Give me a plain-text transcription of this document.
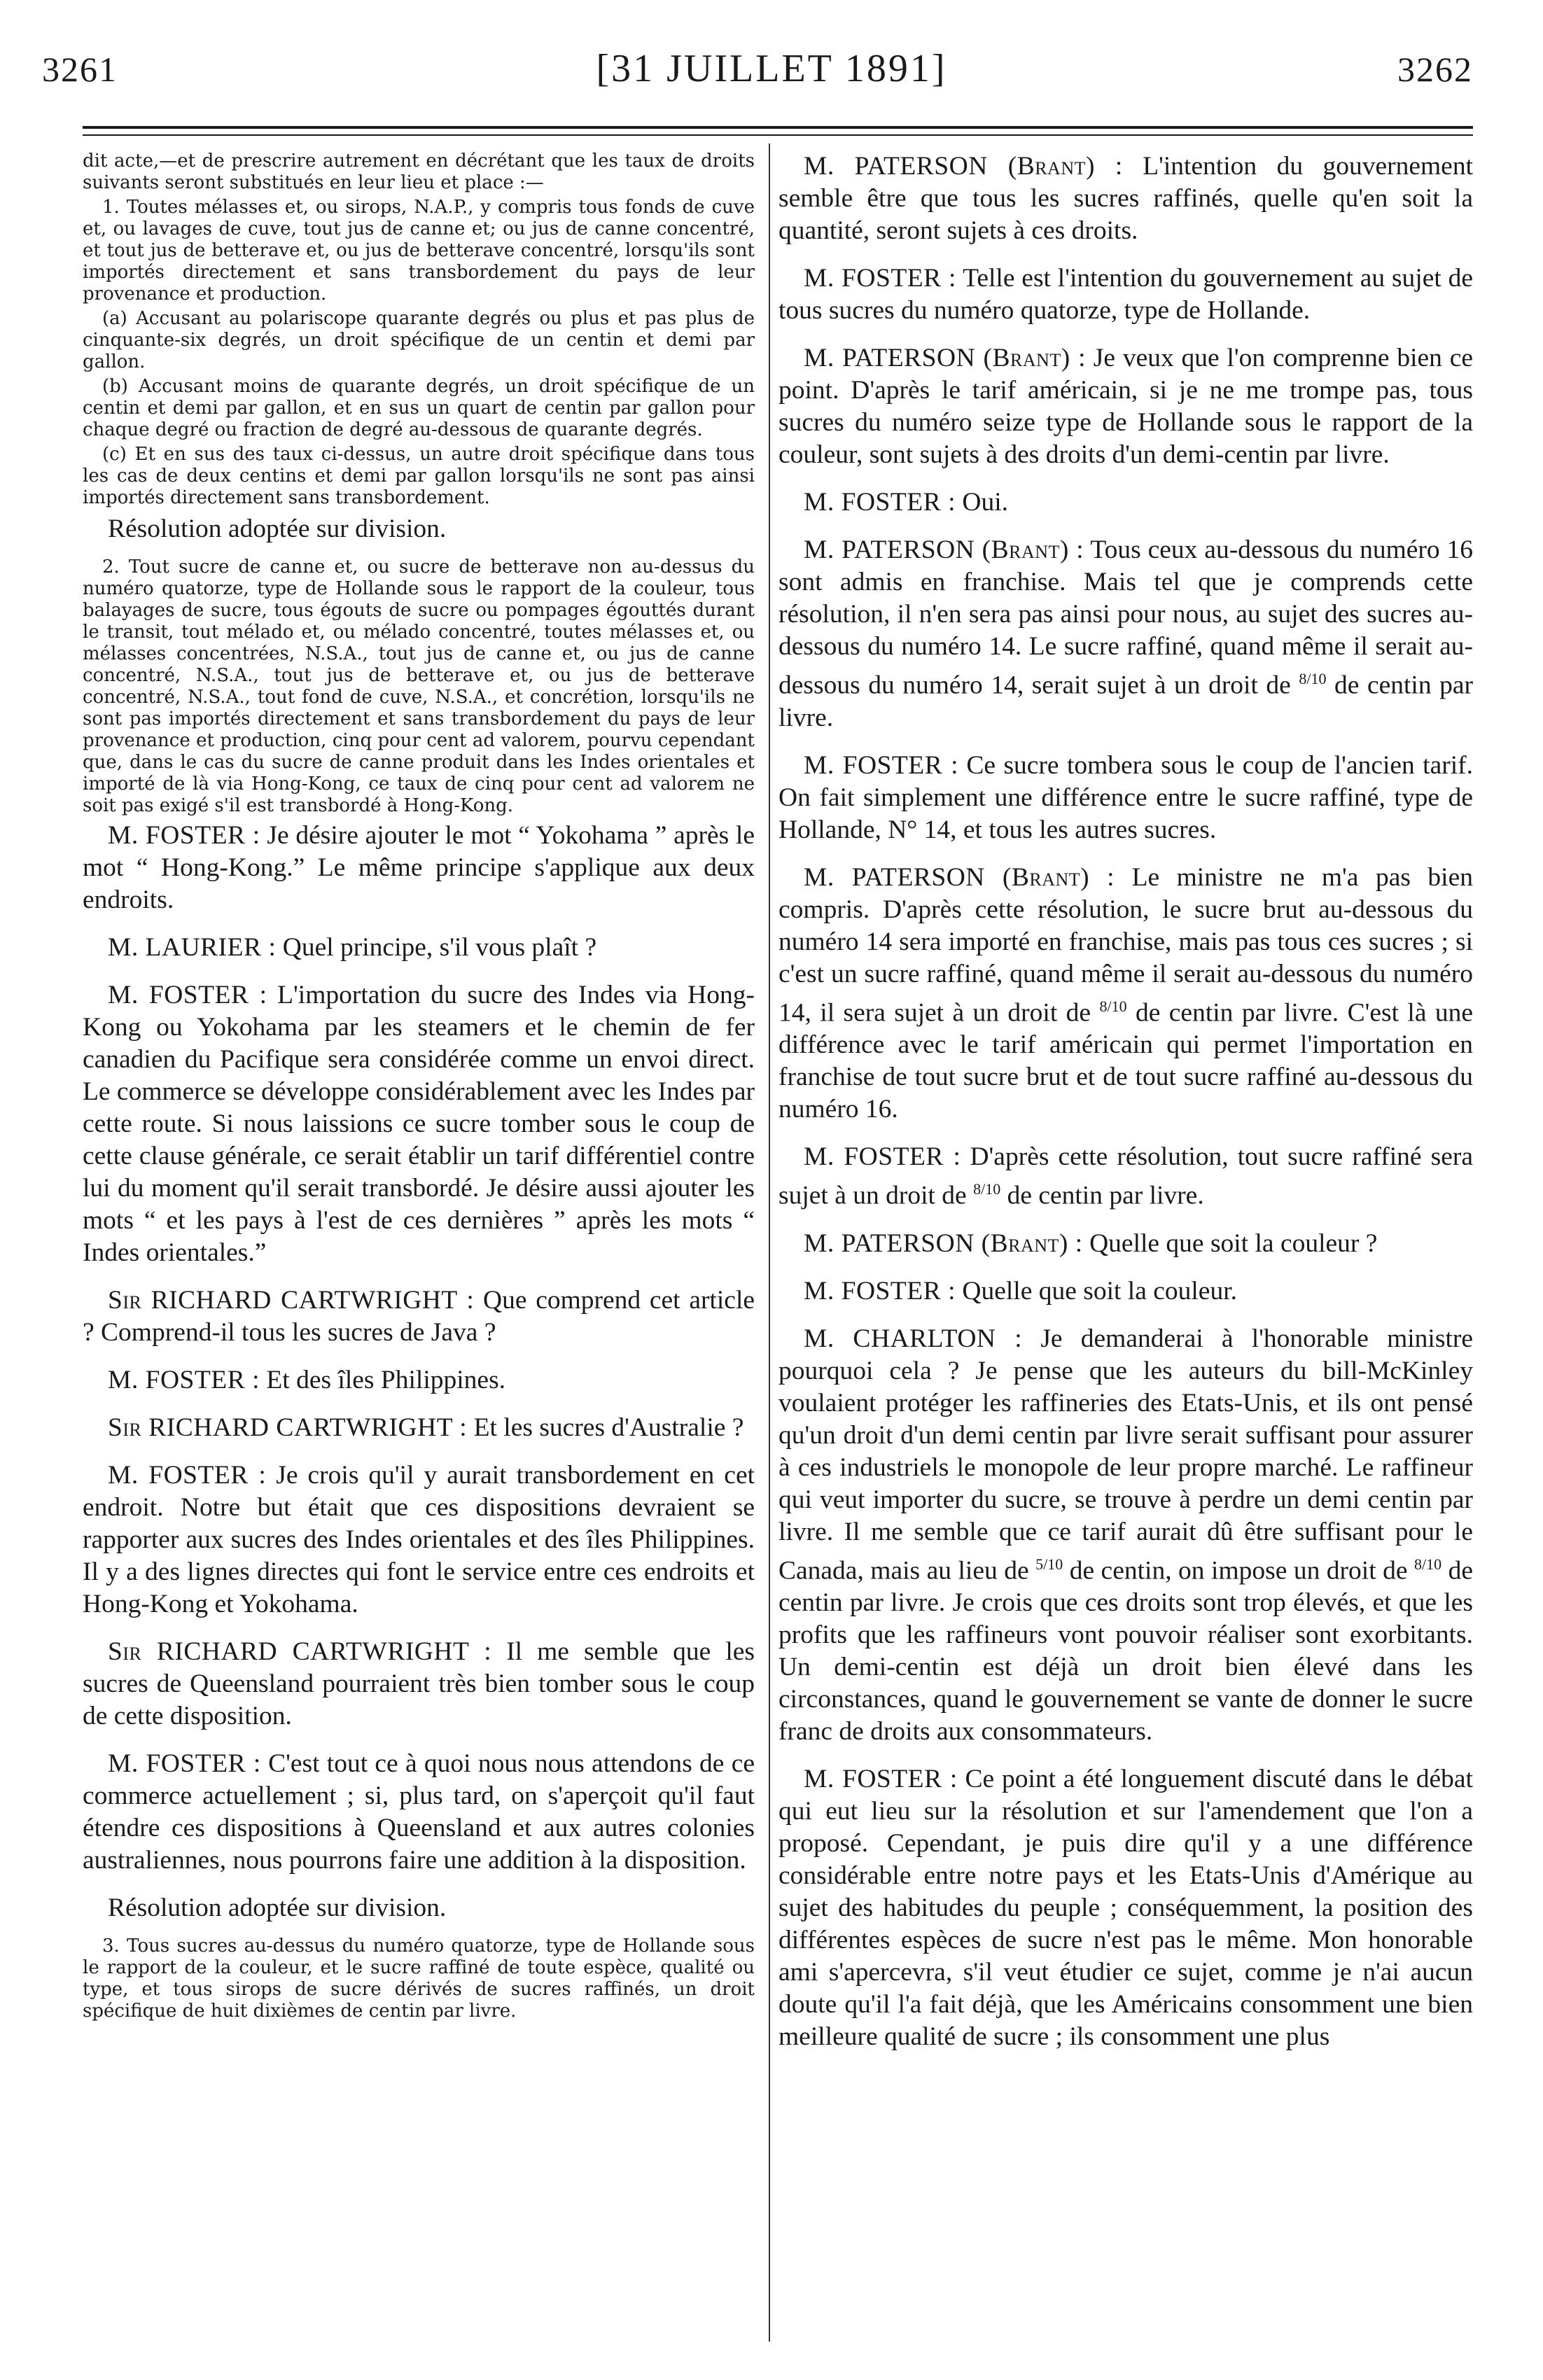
3261	[31 JUILLET 1891]	3262

dit acte,—et de prescrire autrement en décrétant que les taux de droits suivants seront substitués en leur lieu et place :—

1. Toutes mélasses et, ou sirops, N.A.P., y compris tous fonds de cuve et, ou lavages de cuve, tout jus de canne et; ou jus de canne concentré, et tout jus de betterave et, ou jus de betterave concentré, lorsqu'ils sont importés directement et sans transbordement du pays de leur provenance et production.

(a) Accusant au polariscope quarante degrés ou plus et pas plus de cinquante-six degrés, un droit spécifique de un centin et demi par gallon.

(b) Accusant moins de quarante degrés, un droit spécifique de un centin et demi par gallon, et en sus un quart de centin par gallon pour chaque degré ou fraction de degré au-dessous de quarante degrés.

(c) Et en sus des taux ci-dessus, un autre droit spécifique dans tous les cas de deux centins et demi par gallon lorsqu'ils ne sont pas ainsi importés directement sans transbordement.

Résolution adoptée sur division.

2. Tout sucre de canne et, ou sucre de betterave non au-dessus du numéro quatorze, type de Hollande sous le rapport de la couleur, tous balayages de sucre, tous égouts de sucre ou pompages égouttés durant le transit, tout mélado et, ou mélado concentré, toutes mélasses et, ou mélasses concentrées, N.S.A., tout jus de canne et, ou jus de canne concentré, N.S.A., tout jus de betterave et, ou jus de betterave concentré, N.S.A., tout fond de cuve, N.S.A., et concrétion, lorsqu'ils ne sont pas importés directement et sans transbordement du pays de leur provenance et production, cinq pour cent ad valorem, pourvu cependant que, dans le cas du sucre de canne produit dans les Indes orientales et importé de là via Hong-Kong, ce taux de cinq pour cent ad valorem ne soit pas exigé s'il est transbordé à Hong-Kong.

M. FOSTER : Je désire ajouter le mot “ Yokohama ” après le mot “ Hong-Kong.” Le même principe s'applique aux deux endroits.

M. LAURIER : Quel principe, s'il vous plaît ?

M. FOSTER : L'importation du sucre des Indes via Hong-Kong ou Yokohama par les steamers et le chemin de fer canadien du Pacifique sera considérée comme un envoi direct. Le commerce se développe considérablement avec les Indes par cette route. Si nous laissions ce sucre tomber sous le coup de cette clause générale, ce serait établir un tarif différentiel contre lui du moment qu'il serait transbordé. Je désire aussi ajouter les mots “ et les pays à l'est de ces dernières ” après les mots “ Indes orientales.”

Sir RICHARD CARTWRIGHT : Que comprend cet article ? Comprend-il tous les sucres de Java ?

M. FOSTER : Et des îles Philippines.

Sir RICHARD CARTWRIGHT : Et les sucres d'Australie ?

M. FOSTER : Je crois qu'il y aurait transbordement en cet endroit. Notre but était que ces dispositions devraient se rapporter aux sucres des Indes orientales et des îles Philippines. Il y a des lignes directes qui font le service entre ces endroits et Hong-Kong et Yokohama.

Sir RICHARD CARTWRIGHT : Il me semble que les sucres de Queensland pourraient très bien tomber sous le coup de cette disposition.

M. FOSTER : C'est tout ce à quoi nous nous attendons de ce commerce actuellement ; si, plus tard, on s'aperçoit qu'il faut étendre ces dispositions à Queensland et aux autres colonies australiennes, nous pourrons faire une addition à la disposition.

Résolution adoptée sur division.

3. Tous sucres au-dessus du numéro quatorze, type de Hollande sous le rapport de la couleur, et le sucre raffiné de toute espèce, qualité ou type, et tous sirops de sucre dérivés de sucres raffinés, un droit spécifique de huit dixièmes de centin par livre.

M. PATERSON (Brant) : L'intention du gouvernement semble être que tous les sucres raffinés, quelle qu'en soit la quantité, seront sujets à ces droits.

M. FOSTER : Telle est l'intention du gouvernement au sujet de tous sucres du numéro quatorze, type de Hollande.

M. PATERSON (Brant) : Je veux que l'on comprenne bien ce point. D'après le tarif américain, si je ne me trompe pas, tous sucres du numéro seize type de Hollande sous le rapport de la couleur, sont sujets à des droits d'un demi-centin par livre.

M. FOSTER : Oui.

M. PATERSON (Brant) : Tous ceux au-dessous du numéro 16 sont admis en franchise. Mais tel que je comprends cette résolution, il n'en sera pas ainsi pour nous, au sujet des sucres au-dessous du numéro 14. Le sucre raffiné, quand même il serait au-dessous du numéro 14, serait sujet à un droit de $^{8/10}$ de centin par livre.

M. FOSTER : Ce sucre tombera sous le coup de l'ancien tarif. On fait simplement une différence entre le sucre raffiné, type de Hollande, N° 14, et tous les autres sucres.

M. PATERSON (Brant) : Le ministre ne m'a pas bien compris. D'après cette résolution, le sucre brut au-dessous du numéro 14 sera importé en franchise, mais pas tous ces sucres ; si c'est un sucre raffiné, quand même il serait au-dessous du numéro 14, il sera sujet à un droit de $^{8/10}$ de centin par livre. C'est là une différence avec le tarif américain qui permet l'importation en franchise de tout sucre brut et de tout sucre raffiné au-dessous du numéro 16.

M. FOSTER : D'après cette résolution, tout sucre raffiné sera sujet à un droit de $^{8/10}$ de centin par livre.

M. PATERSON (Brant) : Quelle que soit la couleur ?

M. FOSTER : Quelle que soit la couleur.

M. CHARLTON : Je demanderai à l'honorable ministre pourquoi cela ? Je pense que les auteurs du bill-McKinley voulaient protéger les raffineries des Etats-Unis, et ils ont pensé qu'un droit d'un demi centin par livre serait suffisant pour assurer à ces industriels le monopole de leur propre marché. Le raffineur qui veut importer du sucre, se trouve à perdre un demi centin par livre. Il me semble que ce tarif aurait dû être suffisant pour le Canada, mais au lieu de $^{5/10}$ de centin, on impose un droit de $^{8/10}$ de centin par livre. Je crois que ces droits sont trop élevés, et que les profits que les raffineurs vont pouvoir réaliser sont exorbitants. Un demi-centin est déjà un droit bien élevé dans les circonstances, quand le gouvernement se vante de donner le sucre franc de droits aux consommateurs.

M. FOSTER : Ce point a été longuement discuté dans le débat qui eut lieu sur la résolution et sur l'amendement que l'on a proposé. Cependant, je puis dire qu'il y a une différence considérable entre notre pays et les Etats-Unis d'Amérique au sujet des habitudes du peuple ; conséquemment, la position des différentes espèces de sucre n'est pas le même. Mon honorable ami s'apercevra, s'il veut étudier ce sujet, comme je n'ai aucun doute qu'il l'a fait déjà, que les Américains consomment une bien meilleure qualité de sucre ; ils consomment une plus
